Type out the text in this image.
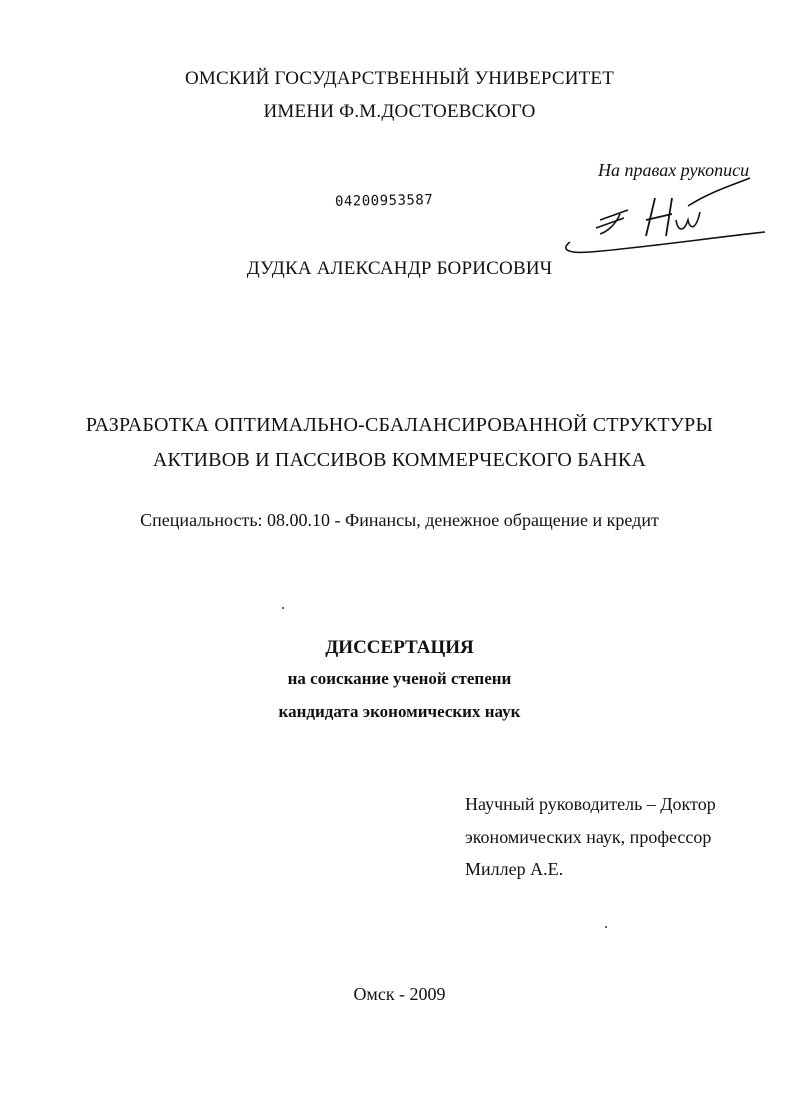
ОМСКИЙ ГОСУДАРСТВЕННЫЙ УНИВЕРСИТЕТ
ИМЕНИ Ф.М.ДОСТОЕВСКОГО
На правах рукописи
04200953587
ДУДКА АЛЕКСАНДР БОРИСОВИЧ
РАЗРАБОТКА ОПТИМАЛЬНО-СБАЛАНСИРОВАННОЙ СТРУКТУРЫ
АКТИВОВ И ПАССИВОВ КОММЕРЧЕСКОГО БАНКА
Специальность: 08.00.10 - Финансы, денежное обращение и кредит
ДИССЕРТАЦИЯ
на соискание ученой степени
кандидата экономических наук
Научный руководитель – Доктор
экономических наук, профессор
Миллер А.Е.
Омск - 2009
